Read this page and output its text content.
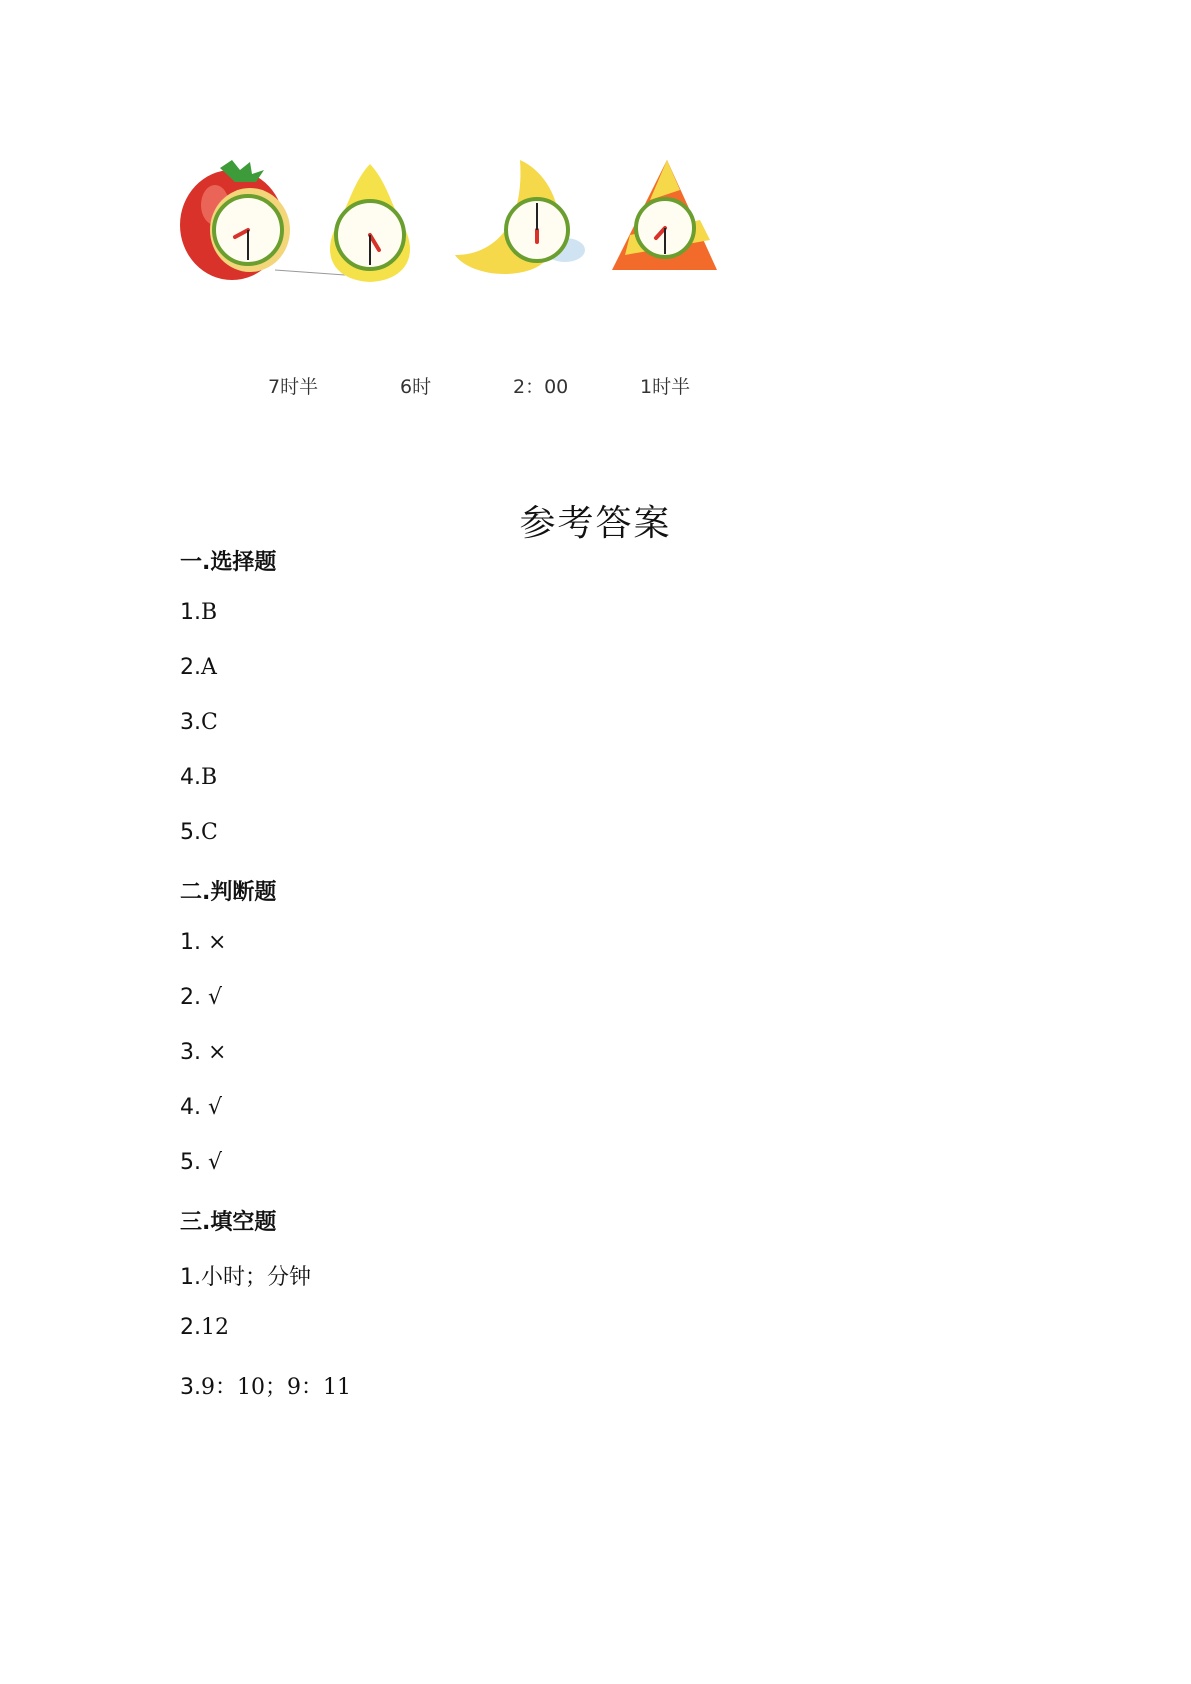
7时半	6时	2：00	1时半
参考答案
一.选择题
1.B
2.A
3.C
4.B
5.C
二.判断题
1. ×
2. √
3. ×
4. √
5. √
三.填空题
1.小时；分钟
2.12
3.9：10；9：11
